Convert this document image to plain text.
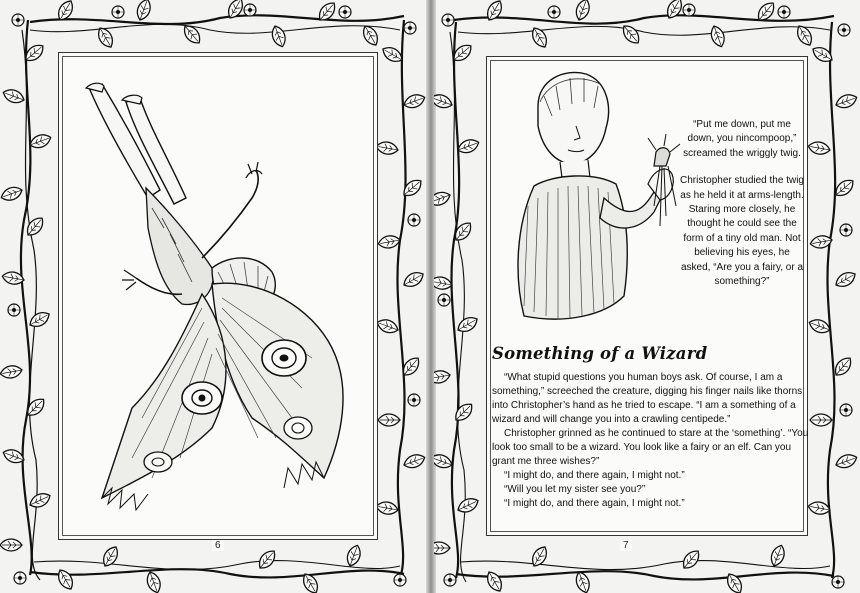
6

“Put me down, put me down, you nincompoop,” screamed the wriggly twig.

Christopher studied the twig as he held it at arms-length. Staring more closely, he thought he could see the form of a tiny old man. Not believing his eyes, he asked, “Are you a fairy, or a something?”

Something of a Wizard

“What stupid questions you human boys ask. Of course, I am a something,” screeched the creature, digging his finger nails like thorns into Christopher’s hand as he tried to escape. “I am a something of a wizard and will change you into a crawling centipede.”

Christopher grinned as he continued to stare at the ‘something’. “You look too small to be a wizard. You look like a fairy or an elf. Can you grant me three wishes?”

“I might do, and there again, I might not.”

“Will you let my sister see you?”

“I might do, and there again, I might not.”

7
